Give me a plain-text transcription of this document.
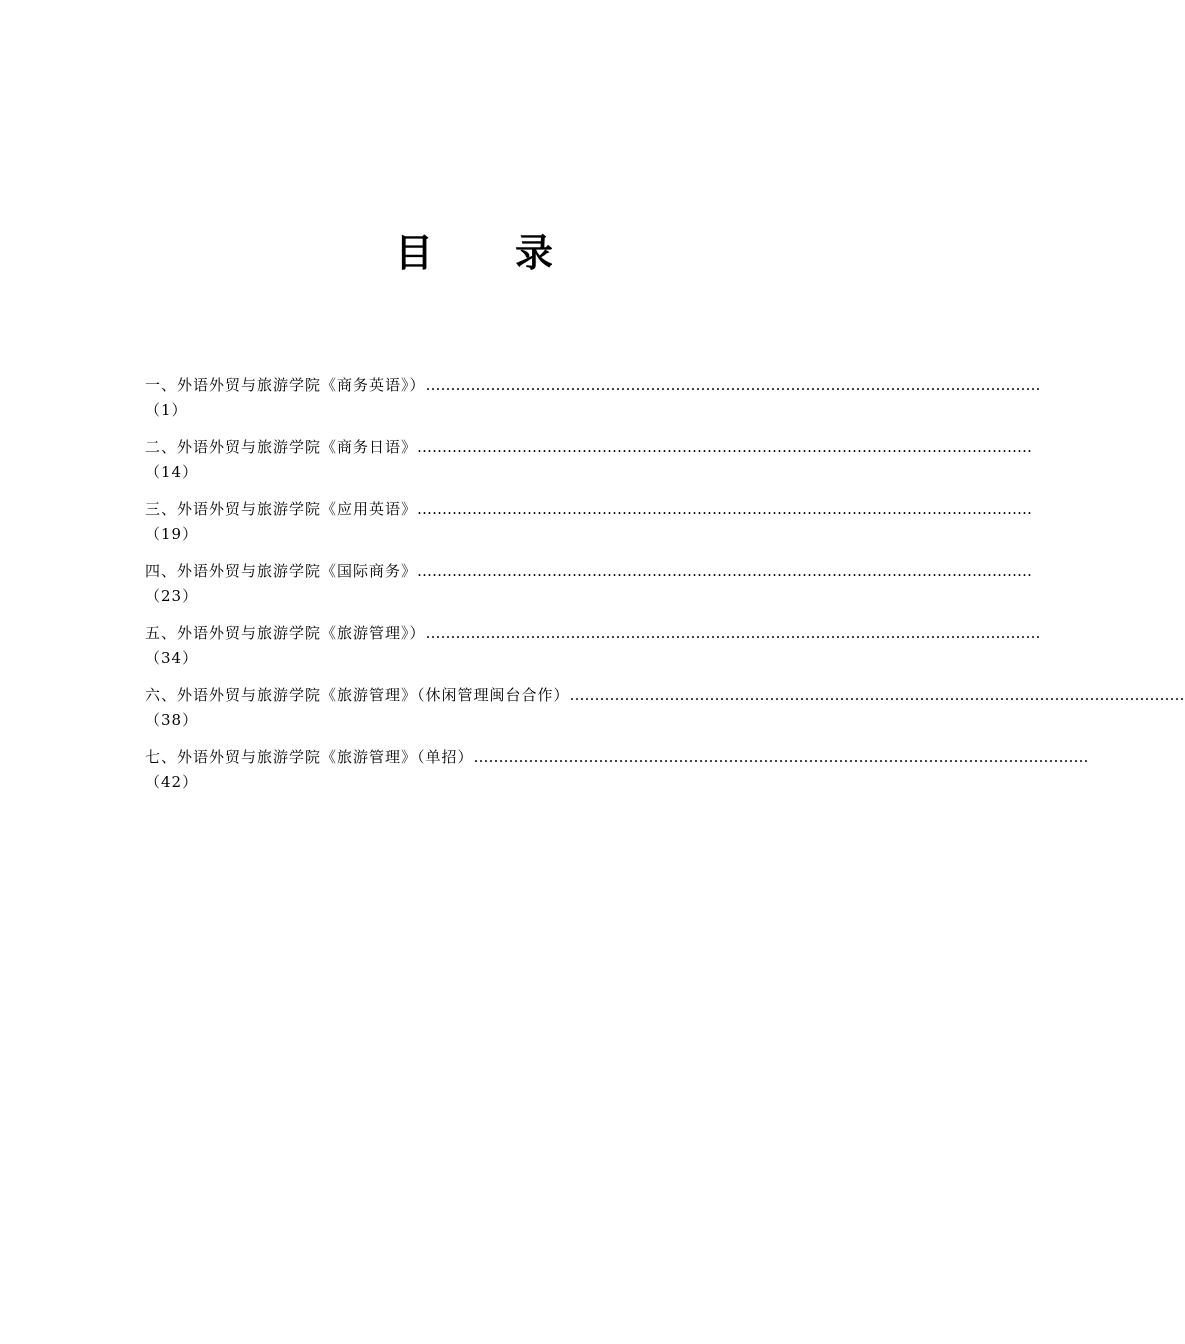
目 录
一、外语外贸与旅游学院《商务英语》） ……………………………………………………………………………………………………………
（1）
二、外语外贸与旅游学院《商务日语》 ……………………………………………………………………………………………………………
（14）
三、外语外贸与旅游学院《应用英语》 ……………………………………………………………………………………………………………
（19）
四、外语外贸与旅游学院《国际商务》 ……………………………………………………………………………………………………………
（23）
五、外语外贸与旅游学院《旅游管理》） ……………………………………………………………………………………………………………
（34）
六、外语外贸与旅游学院《旅游管理》（休闲管理闽台合作） ……………………………………………………………………………………………………………
（38）
七、外语外贸与旅游学院《旅游管理》（单招） ……………………………………………………………………………………………………………
（42）
